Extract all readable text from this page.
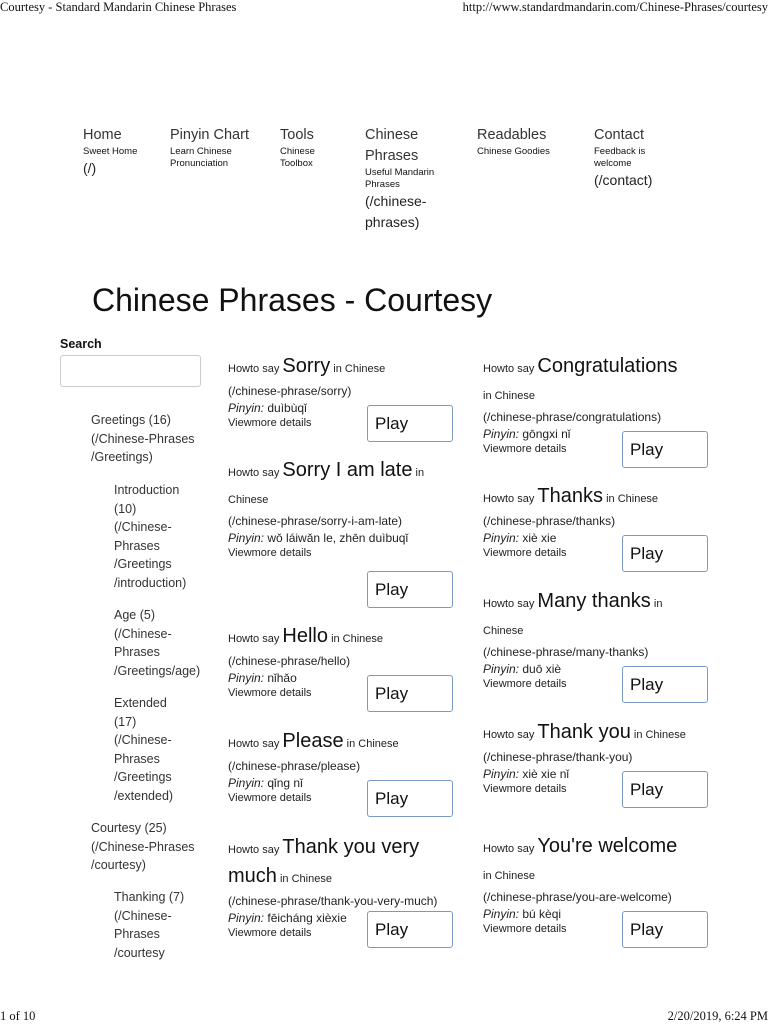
Courtesy - Standard Mandarin Chinese Phrases	http://www.standardmandarin.com/Chinese-Phrases/courtesy
Home
Sweet Home
(/)
Pinyin Chart
Learn Chinese Pronunciation
Tools
Chinese Toolbox
Chinese Phrases
Useful Mandarin Phrases
(/chinese-phrases)
Readables
Chinese Goodies
Contact
Feedback is welcome
(/contact)
Chinese Phrases - Courtesy
Search
Greetings (16)
(/Chinese-Phrases
/Greetings)
Introduction
(10)
(/Chinese-
Phrases
/Greetings
/introduction)
Age (5)
(/Chinese-
Phrases
/Greetings/age)
Extended
(17)
(/Chinese-
Phrases
/Greetings
/extended)
Courtesy (25)
(/Chinese-Phrases
/courtesy)
Thanking (7)
(/Chinese-
Phrases
/courtesy
Howto say Sorry in Chinese
(/chinese-phrase/sorry)
Pinyin: duìbùqǐ
Viewmore details	Play
Howto say Sorry I am late in
Chinese
(/chinese-phrase/sorry-i-am-late)
Pinyin: wǒ láiwǎn le, zhēn duìbuqǐ
Viewmore details
Play
Howto say Hello in Chinese
(/chinese-phrase/hello)
Pinyin: nǐhǎo
Viewmore details	Play
Howto say Please in Chinese
(/chinese-phrase/please)
Pinyin: qǐng nǐ
Viewmore details	Play
Howto say Thank you very much in Chinese
(/chinese-phrase/thank-you-very-much)
Pinyin: fēicháng xièxie
Viewmore details	Play
Howto say Congratulations
in Chinese
(/chinese-phrase/congratulations)
Pinyin: gōngxi nǐ
Viewmore details	Play
Howto say Thanks in Chinese
(/chinese-phrase/thanks)
Pinyin: xiè xie
Viewmore details	Play
Howto say Many thanks in
Chinese
(/chinese-phrase/many-thanks)
Pinyin: duō xiè
Viewmore details	Play
Howto say Thank you in Chinese
(/chinese-phrase/thank-you)
Pinyin: xiè xie nǐ
Viewmore details	Play
Howto say You're welcome
in Chinese
(/chinese-phrase/you-are-welcome)
Pinyin: bú kèqi
Viewmore details	Play
1 of 10	2/20/2019, 6:24 PM
